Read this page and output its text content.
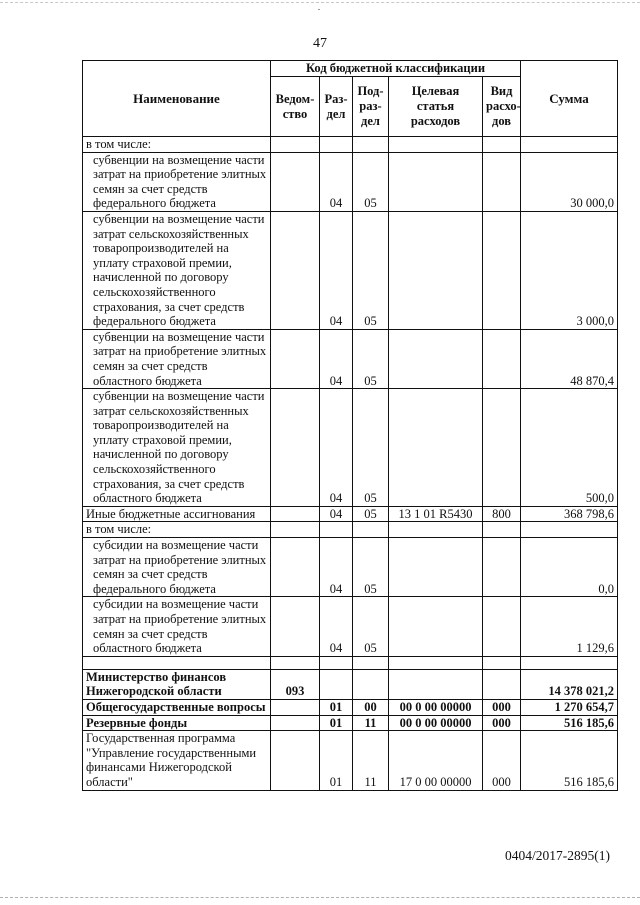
47
Наименование	Код бюджетной классификации					Сумма
	Ведом-ство	Раз-дел	Под-раз-дел	Целевая статья расходов	Вид расхо-дов	
в том числе:						
субвенции на возмещение части затрат на приобретение элитных семян за счет средств федерального бюджета		04	05			30 000,0
субвенции на возмещение части затрат сельскохозяйственных товаропроизводителей на уплату страховой премии, начисленной по договору сельскохозяйственного страхования, за счет средств федерального бюджета		04	05			3 000,0
субвенции на возмещение части затрат на приобретение элитных семян за счет средств областного бюджета		04	05			48 870,4
субвенции на возмещение части затрат сельскохозяйственных товаропроизводителей на уплату страховой премии, начисленной по договору сельскохозяйственного страхования, за счет средств областного бюджета		04	05			500,0
Иные бюджетные ассигнования		04	05	13 1 01 R5430	800	368 798,6
в том числе:						
субсидии на возмещение части затрат на приобретение элитных семян за счет средств федерального бюджета		04	05			0,0
субсидии на возмещение части затрат на приобретение элитных семян за счет средств областного бюджета		04	05			1 129,6

Министерство финансов Нижегородской области	093					14 378 021,2
Общегосударственные вопросы		01	00	00 0 00 00000	000	1 270 654,7
Резервные фонды		01	11	00 0 00 00000	000	516 185,6
Государственная программа "Управление государственными финансами Нижегородской области"		01	11	17 0 00 00000	000	516 185,6
0404/2017-2895(1)
